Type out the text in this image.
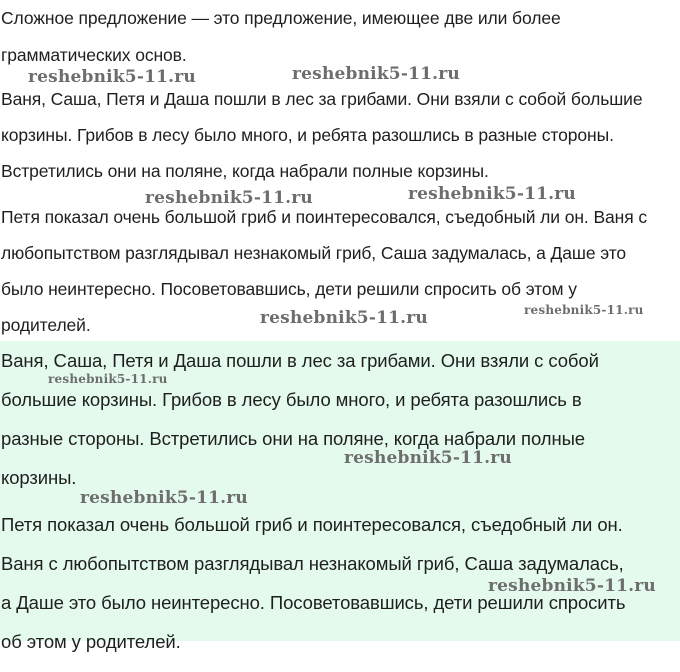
Сложное предложение — это предложение, имеющее две или более
грамматических основ.
Ваня, Саша, Петя и Даша пошли в лес за грибами. Они взяли с собой большие
корзины. Грибов в лесу было много, и ребята разошлись в разные стороны.
Встретились они на поляне, когда набрали полные корзины.
Петя показал очень большой гриб и поинтересовался, съедобный ли он. Ваня с
любопытством разглядывал незнакомый гриб, Саша задумалась, а Даше это
было неинтересно. Посоветовавшись, дети решили спросить об этом у
родителей.
Ваня, Саша, Петя и Даша пошли в лес за грибами. Они взяли с собой
большие корзины. Грибов в лесу было много, и ребята разошлись в
разные стороны. Встретились они на поляне, когда набрали полные
корзины.
Петя показал очень большой гриб и поинтересовался, съедобный ли он.
Ваня с любопытством разглядывал незнакомый гриб, Саша задумалась,
а Даше это было неинтересно. Посоветовавшись, дети решили спросить
об этом у родителей.
reshebnik5-11.ru	reshebnik5-11.ru
reshebnik5-11.ru	reshebnik5-11.ru
reshebnik5-11.ru	reshebnik5-11.ru
reshebnik5-11.ru
reshebnik5-11.ru
reshebnik5-11.ru
reshebnik5-11.ru
